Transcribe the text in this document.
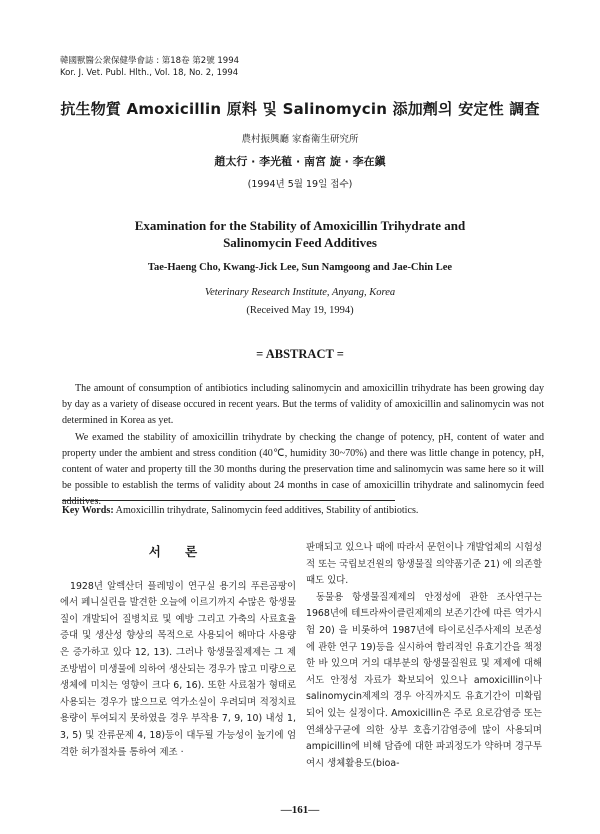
韓國獸醫公衆保健學會誌 : 第18卷 第2號 1994
Kor. J. Vet. Publ. Hlth., Vol. 18, No. 2, 1994
抗生物質 Amoxicillin 原料 및 Salinomycin 添加劑의 安定性 調査
農村振興廳 家畜衛生研究所
趙太行 · 李光稙 · 南宮 旋 · 李在鎭
(1994년 5월 19일 접수)
Examination for the Stability of Amoxicillin Trihydrate and
Salinomycin Feed Additives
Tae-Haeng Cho, Kwang-Jick Lee, Sun Namgoong and Jae-Chin Lee
Veterinary Research Institute, Anyang, Korea
(Received May 19, 1994)
= ABSTRACT =

The amount of consumption of antibiotics including salinomycin and amoxicillin trihydrate has been growing day by day as a variety of disease occured in recent years. But the terms of validity of amoxicillin and salinomycin was not determined in Korea as yet.

We examed the stability of amoxicillin trihydrate by checking the change of potency, pH, content of water and property under the ambient and stress condition (40℃, humidity 30~70%) and there was little change in potency, pH, content of water and property till the 30 months during the preservation time and salinomycin was same here so it will be possible to establish the terms of validity about 24 months in case of amoxicillin trihydrate and salinomycin feed additives.

Key Words: Amoxicillin trihydrate, Salinomycin feed additives, Stability of antibiotics.
서 론

1928년 알렉산더 플레밍이 연구실 용기의 푸른곰팡이에서 페니실린을 발견한 오늘에 이르기까지 수많은 항생물질이 개발되어 질병치료 및 예방 그리고 가축의 사료효율 증대 및 생산성 향상의 목적으로 사용되어 해마다 사용량은 증가하고 있다 12, 13). 그러나 항생물질제제는 그 제조방법이 미생물에 의하여 생산되는 경우가 많고 미량으로 생체에 미치는 영향이 크다 6, 16). 또한 사료첨가 형태로 사용되는 경우가 많으므로 역가소실이 우려되며 적정치료용량이 투여되지 못하였을 경우 부작용 7, 9, 10) 내성 1, 3, 5) 및 잔류문제 4, 18)등이 대두될 가능성이 높기에 엄격한 허가절차를 통하여 제조 ·

판매되고 있으나 때에 따라서 문헌이나 개발업체의 시험성적 또는 국립보건원의 항생물질 의약품기준 21) 에 의존할 때도 있다.

동물용 항생물질제제의 안정성에 관한 조사연구는 1968년에 테트라싸이클린제제의 보존기간에 따른 역가시험 20) 을 비롯하여 1987년에 타이로신주사제의 보존성에 관한 연구 19)등을 실시하여 합리적인 유효기간을 책정한 바 있으며 거의 대부분의 항생물질원료 및 제제에 대해서도 안정성 자료가 확보되어 있으나 amoxicillin이나 salinomycin제제의 경우 아직까지도 유효기간이 미확립되어 있는 실정이다. Amoxicillin은 주로 요로감염증 또는 연쇄상구균에 의한 상부 호흡기감염증에 많이 사용되며 ampicillin에 비해 담즙에 대한 파괴정도가 약하며 경구투여시 생체활용도(bioa-

—161—
